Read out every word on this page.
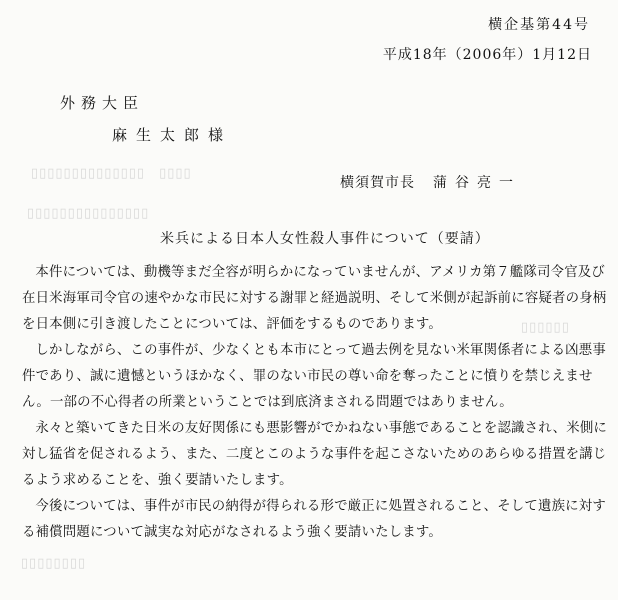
▯▯▯▯▯▯▯▯▯▯▯▯▯▯▯
▯▯▯▯　▯▯▯▯▯▯▯▯▯▯▯▯▯▯
▯▯▯▯▯▯
▯▯▯▯▯▯▯▯
横企基第44号
平成18年（2006年）1月12日
外務大臣
麻生太郎様
横須賀市長 蒲谷亮一
米兵による日本人女性殺人事件について（要請）

本件については、動機等まだ全容が明らかになっていませんが、アメリカ第７艦隊司令官及び在日米海軍司令官の速やかな市民に対する謝罪と経過説明、そして米側が起訴前に容疑者の身柄を日本側に引き渡したことについては、評価をするものであります。

しかしながら、この事件が、少なくとも本市にとって過去例を見ない米軍関係者による凶悪事件であり、誠に遺憾というほかなく、罪のない市民の尊い命を奪ったことに憤りを禁じえません。一部の不心得者の所業ということでは到底済まされる問題ではありません。

永々と築いてきた日米の友好関係にも悪影響がでかねない事態であることを認識され、米側に対し猛省を促されるよう、また、二度とこのような事件を起こさないためのあらゆる措置を講じるよう求めることを、強く要請いたします。

今後については、事件が市民の納得が得られる形で厳正に処置されること、そして遺族に対する補償問題について誠実な対応がなされるよう強く要請いたします。
